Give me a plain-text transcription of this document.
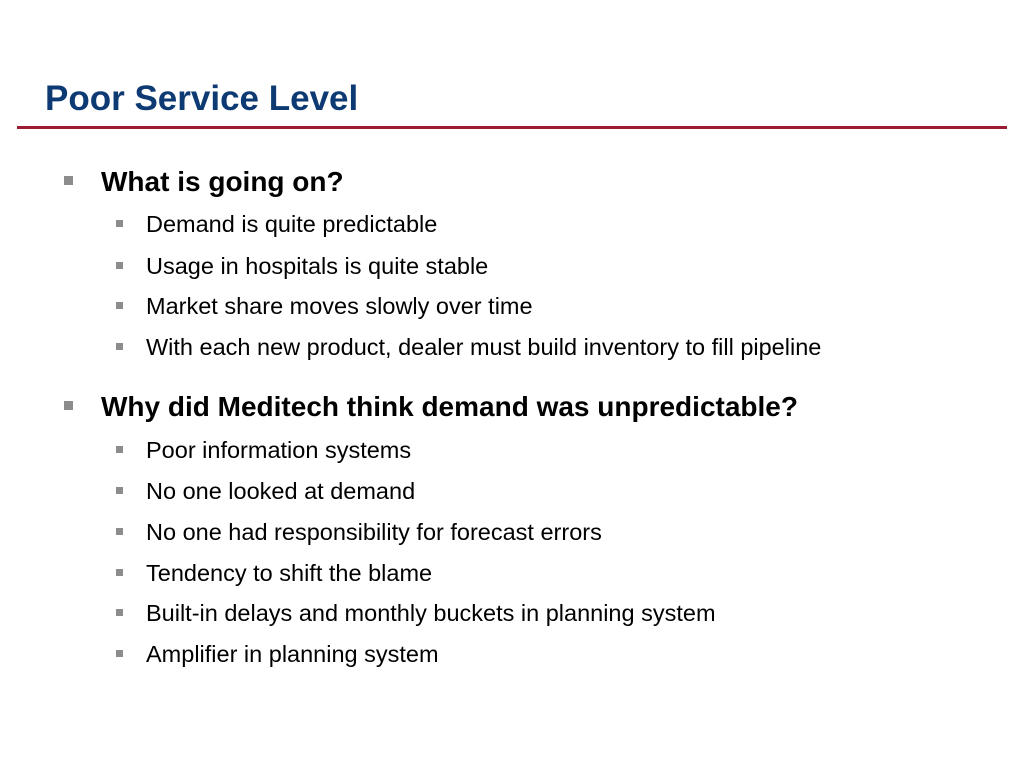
Poor Service Level

What is going on?

Demand is quite predictable

Usage in hospitals is quite stable

Market share moves slowly over time

With each new product, dealer must build inventory to fill pipeline

Why did Meditech think demand was unpredictable?

Poor information systems

No one looked at demand

No one had responsibility for forecast errors

Tendency to shift the blame

Built-in delays and monthly buckets in planning system

Amplifier in planning system
